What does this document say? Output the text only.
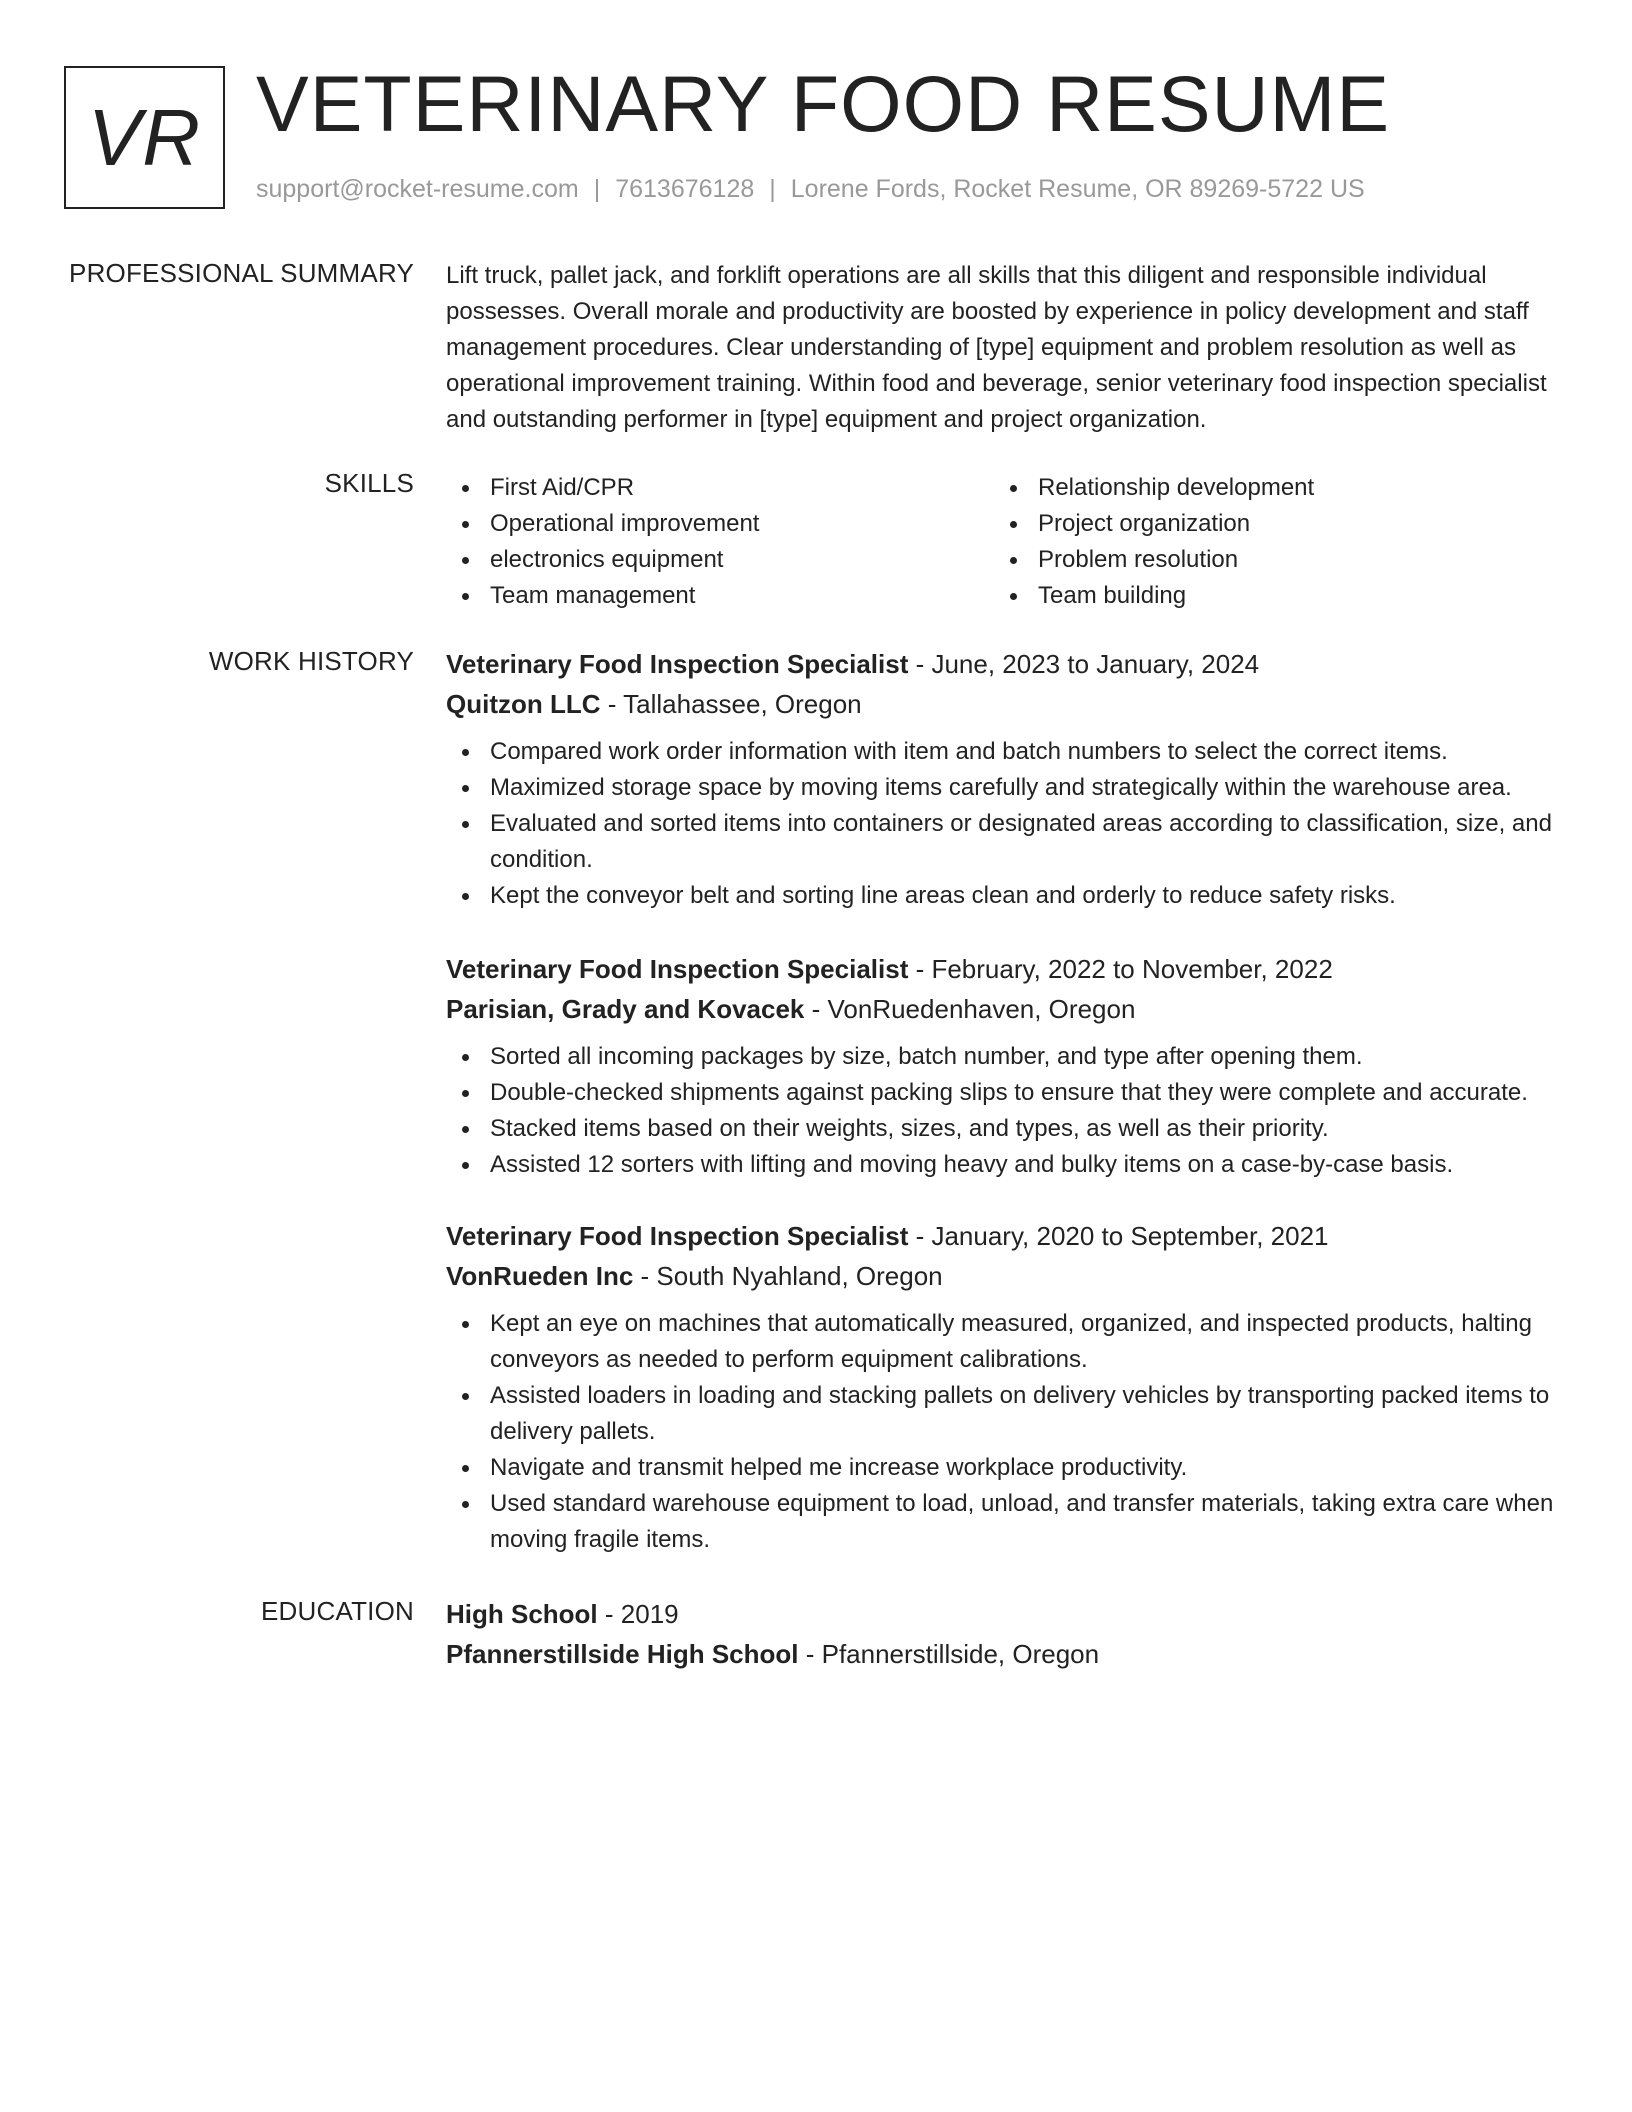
VR VETERINARY FOOD RESUME
support@rocket-resume.com | 7613676128 | Lorene Fords, Rocket Resume, OR 89269-5722 US
PROFESSIONAL SUMMARY Lift truck, pallet jack, and forklift operations are all skills that this diligent and responsible individual possesses. Overall morale and productivity are boosted by experience in policy development and staff management procedures. Clear understanding of [type] equipment and problem resolution as well as operational improvement training. Within food and beverage, senior veterinary food inspection specialist and outstanding performer in [type] equipment and project organization.
SKILLS	First Aid/CPR
Operational improvement
electronics equipment
Team management
Relationship development
Project organization
Problem resolution
Team building
WORK HISTORY Veterinary Food Inspection Specialist - June, 2023 to January, 2024
Quitzon LLC - Tallahassee, Oregon
Compared work order information with item and batch numbers to select the correct items.
Maximized storage space by moving items carefully and strategically within the warehouse area.
Evaluated and sorted items into containers or designated areas according to classification, size, and condition.
Kept the conveyor belt and sorting line areas clean and orderly to reduce safety risks.
Veterinary Food Inspection Specialist - February, 2022 to November, 2022
Parisian, Grady and Kovacek - VonRuedenhaven, Oregon
Sorted all incoming packages by size, batch number, and type after opening them.
Double-checked shipments against packing slips to ensure that they were complete and accurate.
Stacked items based on their weights, sizes, and types, as well as their priority.
Assisted 12 sorters with lifting and moving heavy and bulky items on a case-by-case basis.
Veterinary Food Inspection Specialist - January, 2020 to September, 2021
VonRueden Inc - South Nyahland, Oregon
Kept an eye on machines that automatically measured, organized, and inspected products, halting conveyors as needed to perform equipment calibrations.
Assisted loaders in loading and stacking pallets on delivery vehicles by transporting packed items to delivery pallets.
Navigate and transmit helped me increase workplace productivity.
Used standard warehouse equipment to load, unload, and transfer materials, taking extra care when moving fragile items.
EDUCATION High School - 2019
Pfannerstillside High School - Pfannerstillside, Oregon
